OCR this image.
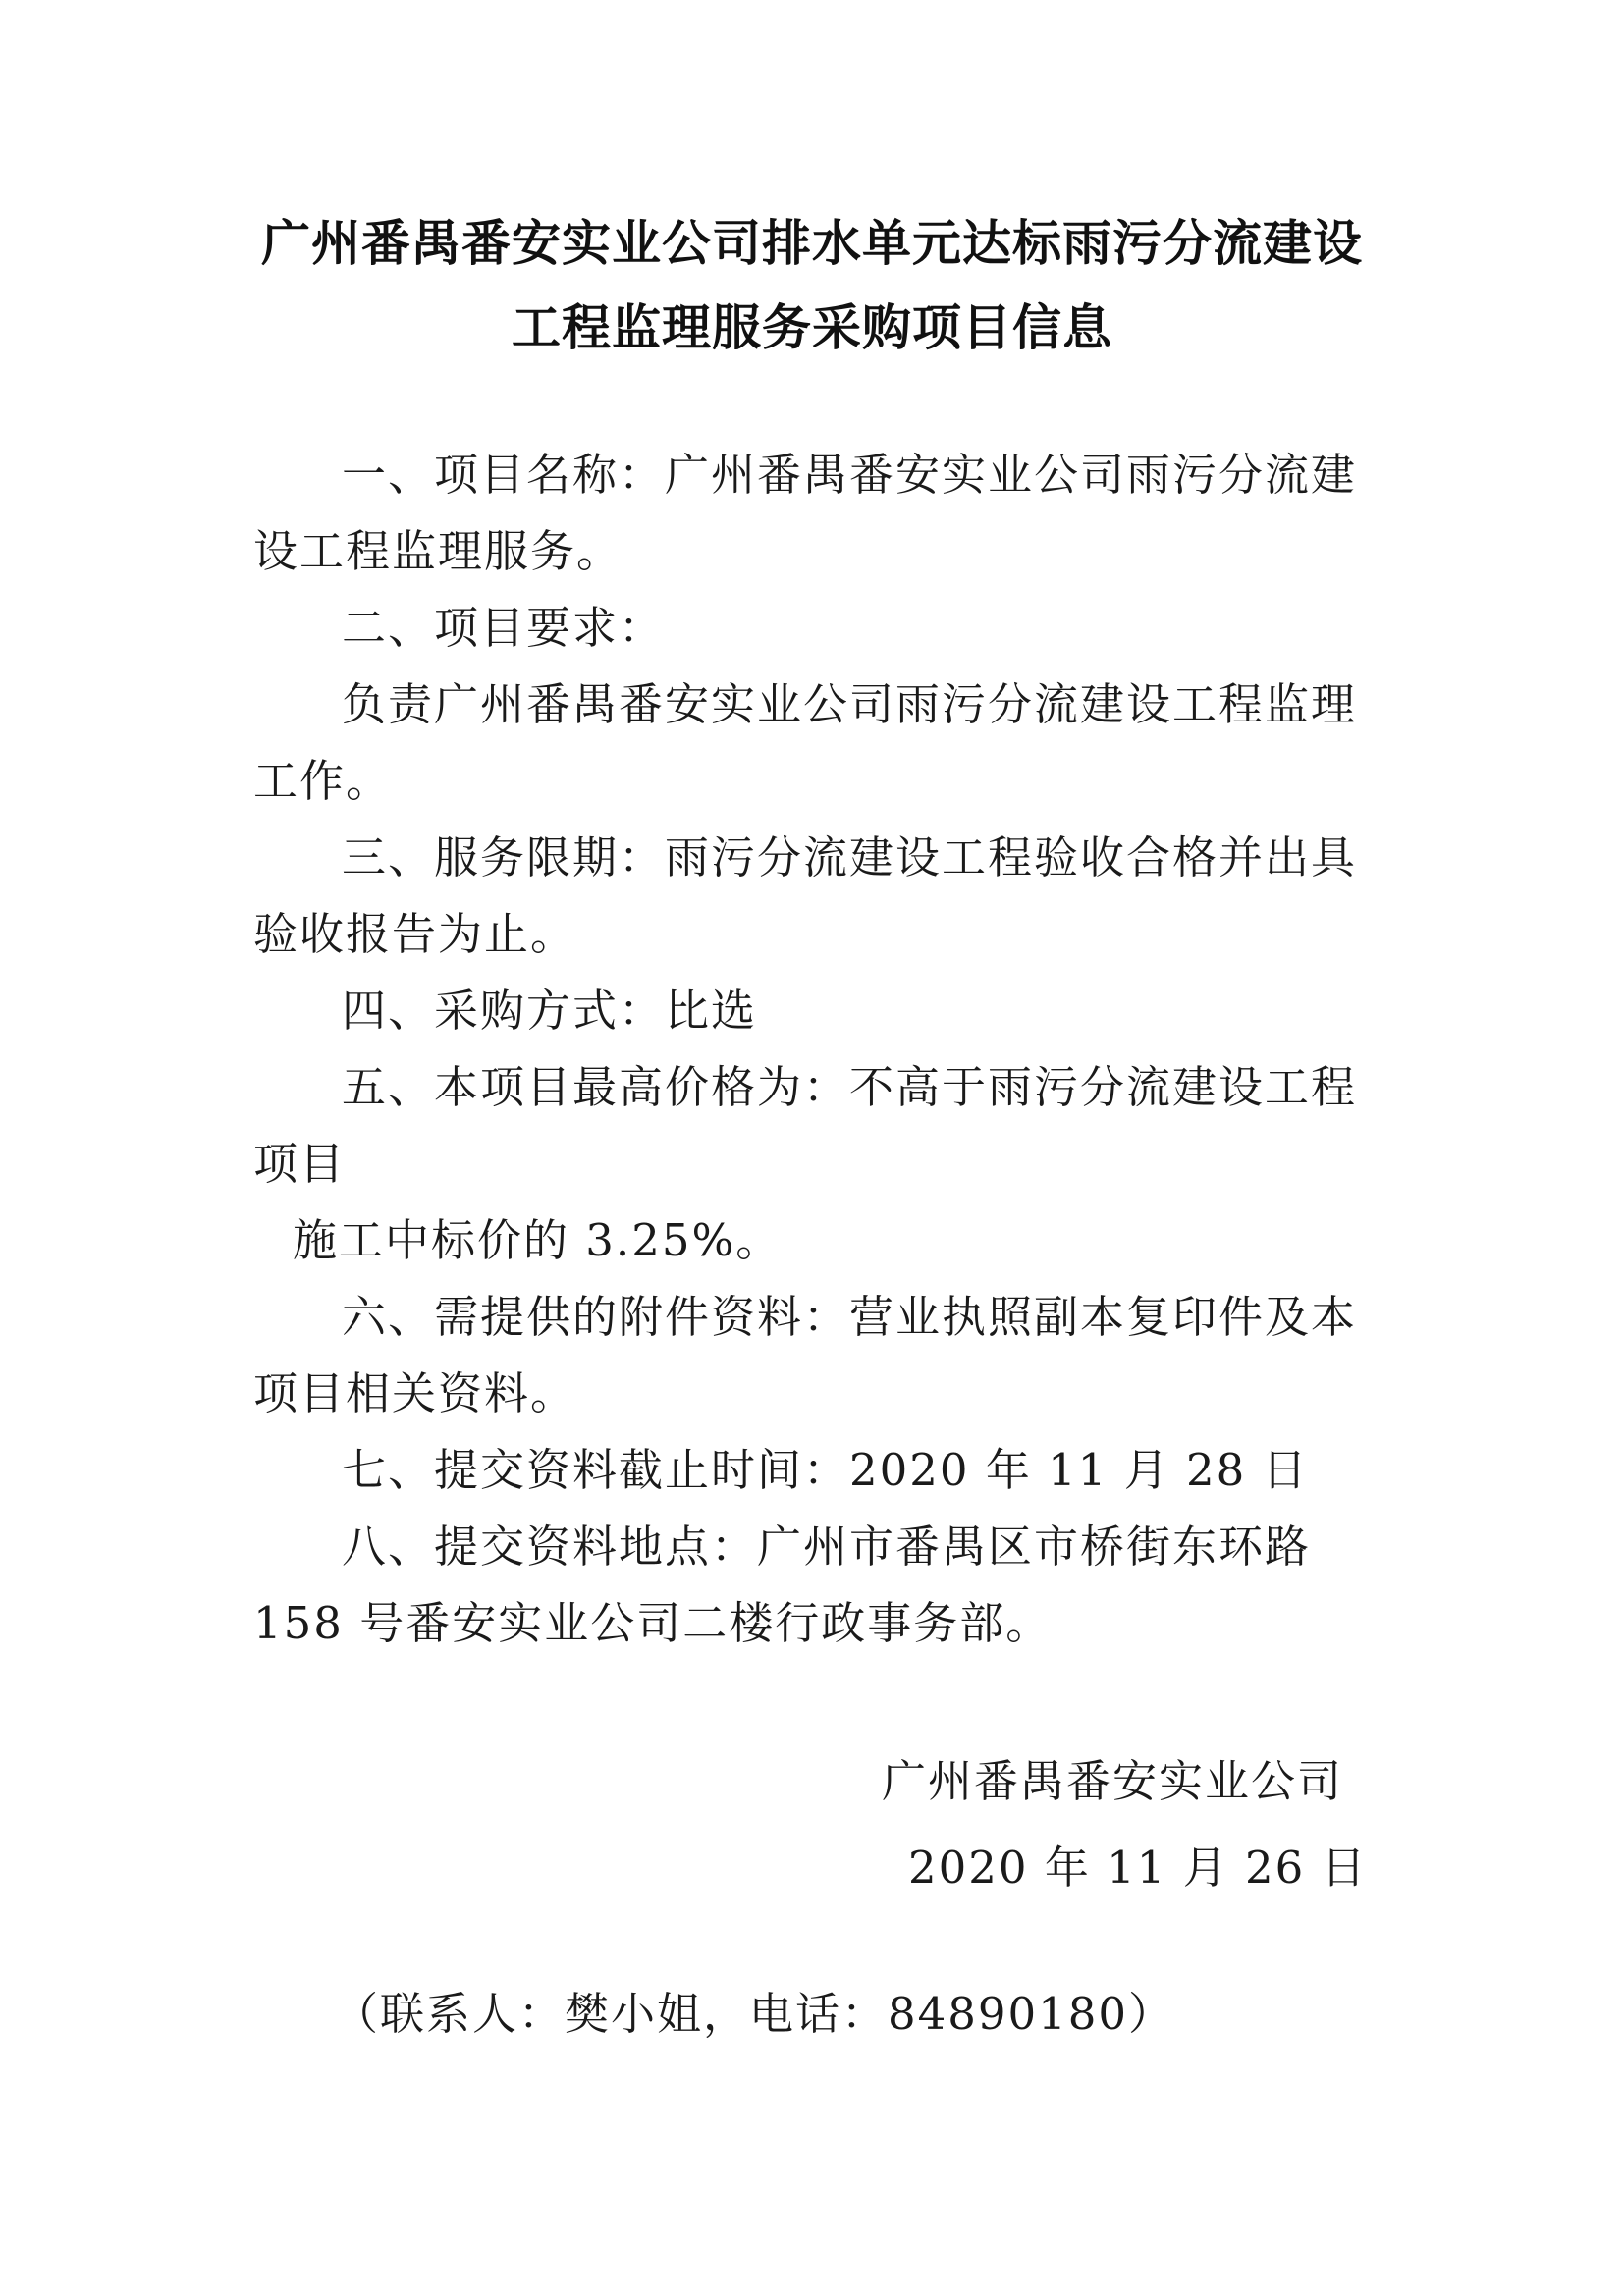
广州番禺番安实业公司排水单元达标雨污分流建设
工程监理服务采购项目信息

一、项目名称：广州番禺番安实业公司雨污分流建设工程监理服务。

二、项目要求：

负责广州番禺番安实业公司雨污分流建设工程监理工作。

三、服务限期：雨污分流建设工程验收合格并出具验收报告为止。

四、采购方式：比选

五、本项目最高价格为：不高于雨污分流建设工程项目
施工中标价的 3.25%。

六、需提供的附件资料：营业执照副本复印件及本项目相关资料。

七、提交资料截止时间：2020 年 11 月 28 日

八、提交资料地点：广州市番禺区市桥街东环路 158 号番安实业公司二楼行政事务部。

广州番禺番安实业公司
2020 年 11 月 26 日
（联系人：樊小姐，电话：84890180）
